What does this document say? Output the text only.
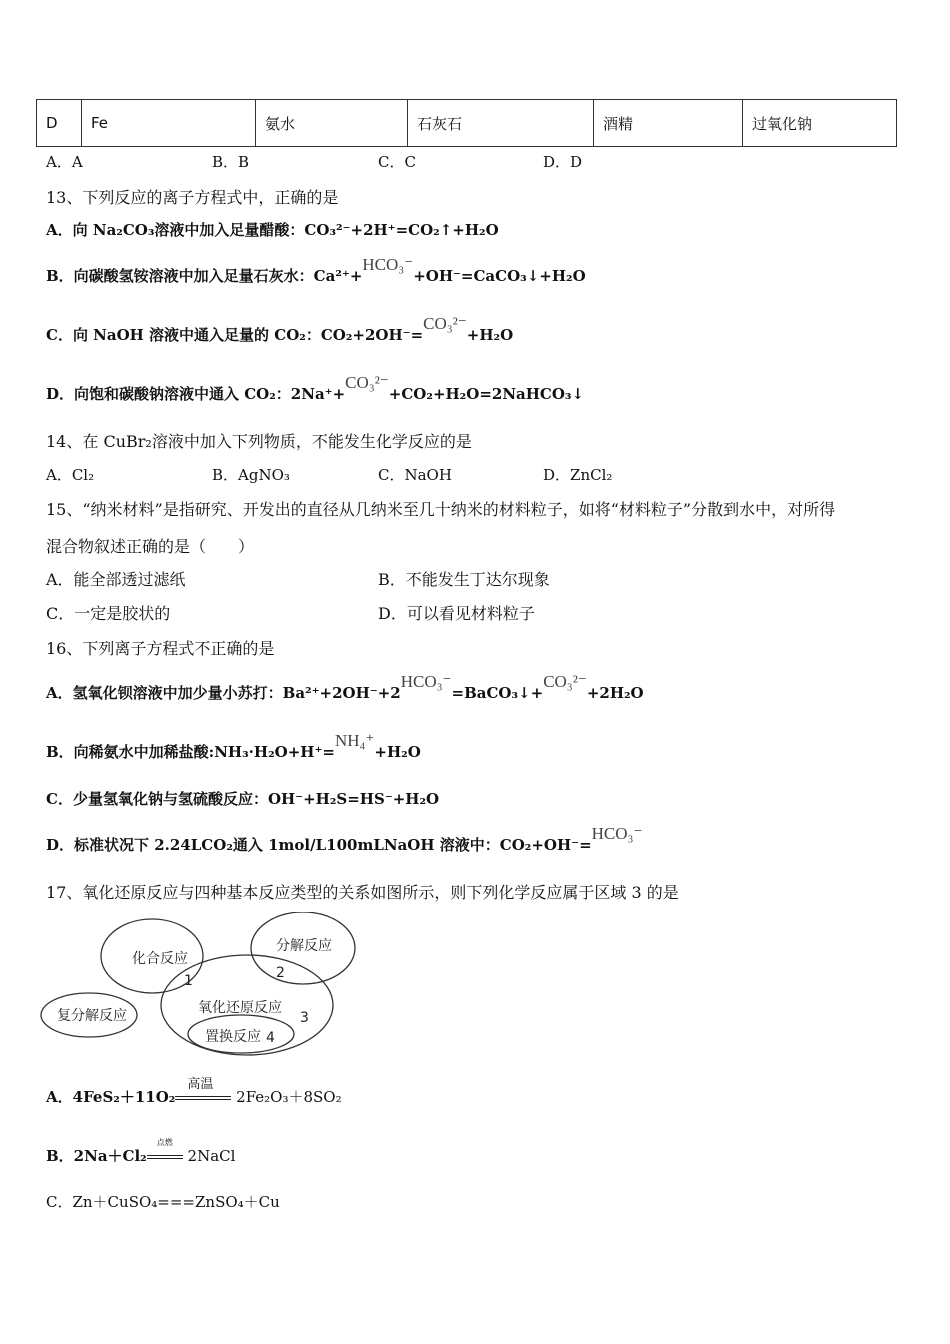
D	Fe	氨水	石灰石	酒精	过氧化钠
A．A	B．B	C．C	D．D
13、下列反应的离子方程式中，正确的是
A．向 Na₂CO₃溶液中加入足量醋酸：CO₃²⁻+2H⁺=CO₂↑+H₂O
B．向碳酸氢铵溶液中加入足量石灰水：Ca²⁺+HCO₃⁻+OH⁻=CaCO₃↓+H₂O
C．向 NaOH 溶液中通入足量的 CO₂：CO₂+2OH⁻=CO₃²⁻+H₂O
D．向饱和碳酸钠溶液中通入 CO₂：2Na⁺+CO₃²⁻+CO₂+H₂O=2NaHCO₃↓
14、在 CuBr₂溶液中加入下列物质，不能发生化学反应的是
A．Cl₂	B．AgNO₃	C．NaOH	D．ZnCl₂
15、“纳米材料”是指研究、开发出的直径从几纳米至几十纳米的材料粒子，如将“材料粒子”分散到水中，对所得
混合物叙述正确的是（　　）
A．能全部透过滤纸	B．不能发生丁达尔现象
C．一定是胶状的	D．可以看见材料粒子
16、下列离子方程式不正确的是
A．氢氧化钡溶液中加少量小苏打：Ba²⁺+2OH⁻+2HCO₃⁻=BaCO₃↓+CO₃²⁻+2H₂O
B．向稀氨水中加稀盐酸:NH₃·H₂O+H⁺=NH₄⁺+H₂O
C．少量氢氧化钠与氢硫酸反应：OH⁻+H₂S=HS⁻+H₂O
D．标准状况下 2.24LCO₂通入 1mol/L100mLNaOH 溶液中：CO₂+OH⁻=HCO₃⁻
17、氧化还原反应与四种基本反应类型的关系如图所示，则下列化学反应属于区域 3 的是
化合反应
分解反应
氧化还原反应
置换反应
复分解反应
1	2
3
4
A．4FeS₂＋11O₂
高温
2Fe₂O₃＋8SO₂
B．2Na＋Cl₂
点燃
2NaCl
C．Zn＋CuSO₄===ZnSO₄＋Cu
